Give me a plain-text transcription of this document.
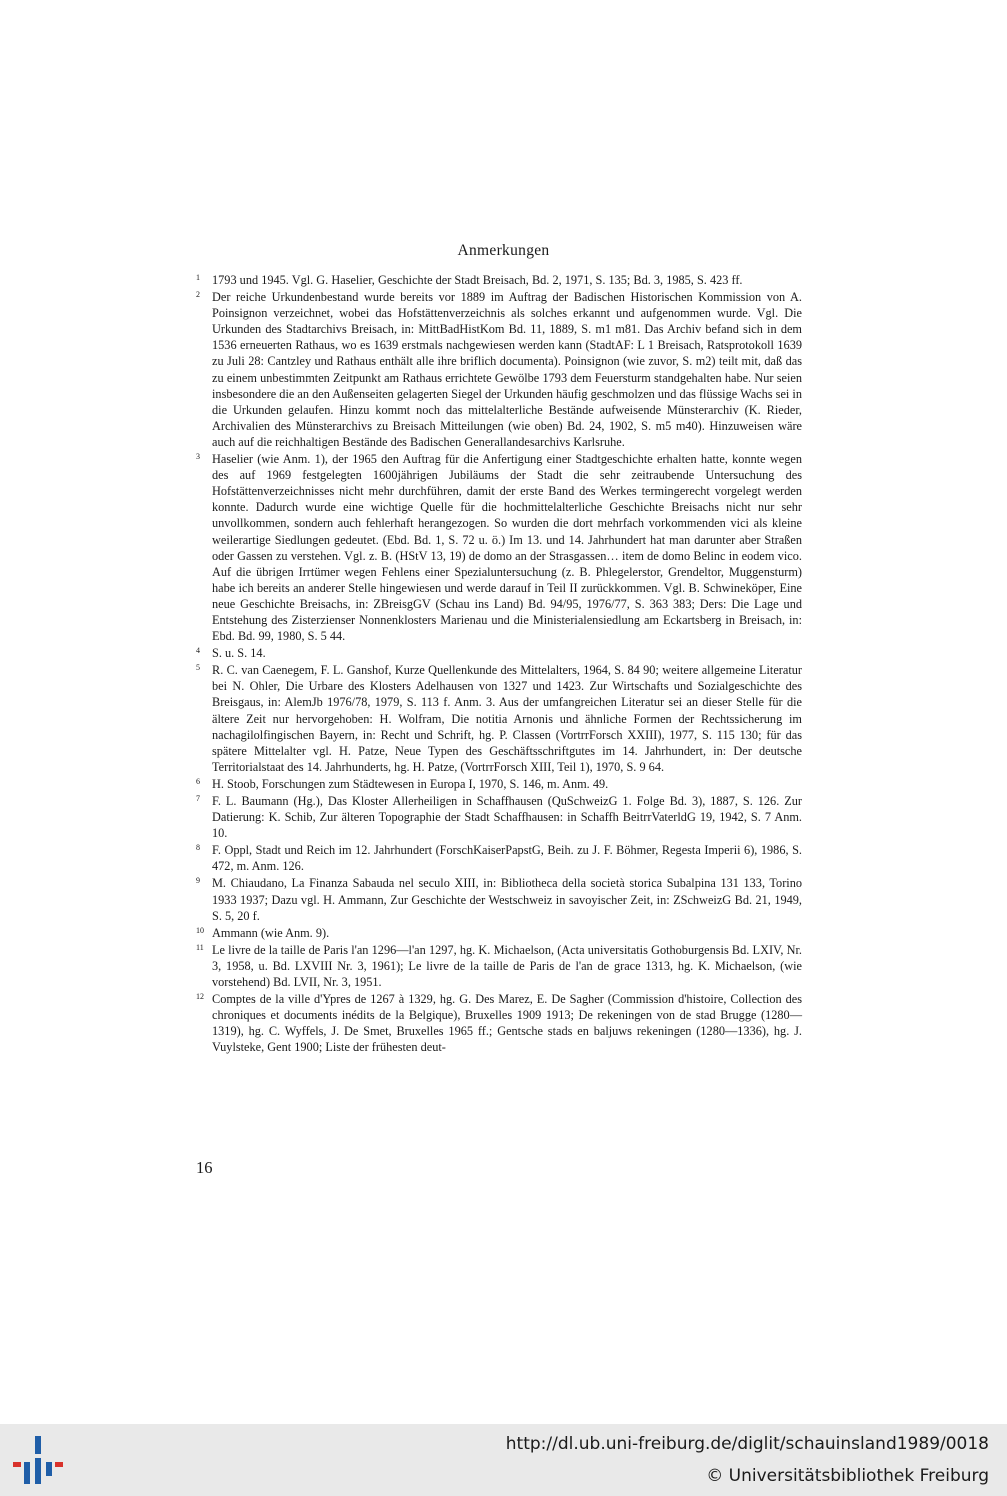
Anmerkungen
1 1793 und 1945. Vgl. G. Haselier, Geschichte der Stadt Breisach, Bd. 2, 1971, S. 135; Bd. 3, 1985, S. 423 ff.
2 Der reiche Urkundenbestand wurde bereits vor 1889 im Auftrag der Badischen Historischen Kommission von A. Poinsignon verzeichnet, wobei das Hofstättenverzeichnis als solches erkannt und aufgenommen wurde. Vgl. Die Urkunden des Stadtarchivs Breisach, in: MittBadHistKom Bd. 11, 1889, S. m1 m81. Das Archiv befand sich in dem 1536 erneuerten Rathaus, wo es 1639 erstmals nachgewiesen werden kann (StadtAF: L 1 Breisach, Ratsprotokoll 1639 zu Juli 28: Cantzley und Rathaus enthält alle ihre briflich documenta). Poinsignon (wie zuvor, S. m2) teilt mit, daß das zu einem unbestimmten Zeitpunkt am Rathaus errichtete Gewölbe 1793 dem Feuersturm standgehalten habe. Nur seien insbesondere die an den Außenseiten gelagerten Siegel der Urkunden häufig geschmolzen und das flüssige Wachs sei in die Urkunden gelaufen. Hinzu kommt noch das mittelalterliche Bestände aufweisende Münsterarchiv (K. Rieder, Archivalien des Münsterarchivs zu Breisach Mitteilungen (wie oben) Bd. 24, 1902, S. m5 m40). Hinzuweisen wäre auch auf die reichhaltigen Bestände des Badischen Generallandesarchivs Karlsruhe.
3 Haselier (wie Anm. 1), der 1965 den Auftrag für die Anfertigung einer Stadtgeschichte erhalten hatte, konnte wegen des auf 1969 festgelegten 1600jährigen Jubiläums der Stadt die sehr zeitraubende Untersuchung des Hofstättenverzeichnisses nicht mehr durchführen, damit der erste Band des Werkes termingerecht vorgelegt werden konnte. Dadurch wurde eine wichtige Quelle für die hochmittelalterliche Geschichte Breisachs nicht nur sehr unvollkommen, sondern auch fehlerhaft herangezogen. So wurden die dort mehrfach vorkommenden vici als kleine weilerartige Siedlungen gedeutet. (Ebd. Bd. 1, S. 72 u. ö.) Im 13. und 14. Jahrhundert hat man darunter aber Straßen oder Gassen zu verstehen. Vgl. z. B. (HStV 13, 19) de domo an der Strasgassen… item de domo Belinc in eodem vico. Auf die übrigen Irrtümer wegen Fehlens einer Spezialuntersuchung (z. B. Phlegelerstor, Grendeltor, Muggensturm) habe ich bereits an anderer Stelle hingewiesen und werde darauf in Teil II zurückkommen. Vgl. B. Schwineköper, Eine neue Geschichte Breisachs, in: ZBreisgGV (Schau ins Land) Bd. 94/95, 1976/77, S. 363 383; Ders: Die Lage und Entstehung des Zisterzienser Nonnenklosters Marienau und die Ministerialensiedlung am Eckartsberg in Breisach, in: Ebd. Bd. 99, 1980, S. 5 44.
4 S. u. S. 14.
5 R. C. van Caenegem, F. L. Ganshof, Kurze Quellenkunde des Mittelalters, 1964, S. 84 90; weitere allgemeine Literatur bei N. Ohler, Die Urbare des Klosters Adelhausen von 1327 und 1423. Zur Wirtschafts und Sozialgeschichte des Breisgaus, in: AlemJb 1976/78, 1979, S. 113 f. Anm. 3. Aus der umfangreichen Literatur sei an dieser Stelle für die ältere Zeit nur hervorgehoben: H. Wolfram, Die notitia Arnonis und ähnliche Formen der Rechtssicherung im nachagilolfingischen Bayern, in: Recht und Schrift, hg. P. Classen (VortrrForsch XXIII), 1977, S. 115 130; für das spätere Mittelalter vgl. H. Patze, Neue Typen des Geschäftsschriftgutes im 14. Jahrhundert, in: Der deutsche Territorialstaat des 14. Jahrhunderts, hg. H. Patze, (VortrrForsch XIII, Teil 1), 1970, S. 9 64.
6 H. Stoob, Forschungen zum Städtewesen in Europa I, 1970, S. 146, m. Anm. 49.
7 F. L. Baumann (Hg.), Das Kloster Allerheiligen in Schaffhausen (QuSchweizG 1. Folge Bd. 3), 1887, S. 126. Zur Datierung: K. Schib, Zur älteren Topographie der Stadt Schaffhausen: in Schaffh BeitrrVaterldG 19, 1942, S. 7 Anm. 10.
8 F. Oppl, Stadt und Reich im 12. Jahrhundert (ForschKaiserPapstG, Beih. zu J. F. Böhmer, Regesta Imperii 6), 1986, S. 472, m. Anm. 126.
9 M. Chiaudano, La Finanza Sabauda nel seculo XIII, in: Bibliotheca della società storica Subalpina 131 133, Torino 1933 1937; Dazu vgl. H. Ammann, Zur Geschichte der Westschweiz in savoyischer Zeit, in: ZSchweizG Bd. 21, 1949, S. 5, 20 f.
10 Ammann (wie Anm. 9).
11 Le livre de la taille de Paris l'an 1296—l'an 1297, hg. K. Michaelson, (Acta universitatis Gothoburgensis Bd. LXIV, Nr. 3, 1958, u. Bd. LXVIII Nr. 3, 1961); Le livre de la taille de Paris de l'an de grace 1313, hg. K. Michaelson, (wie vorstehend) Bd. LVII, Nr. 3, 1951.
12 Comptes de la ville d'Ypres de 1267 à 1329, hg. G. Des Marez, E. De Sagher (Commission d'histoire, Collection des chroniques et documents inédits de la Belgique), Bruxelles 1909 1913; De rekeningen von de stad Brugge (1280—1319), hg. C. Wyffels, J. De Smet, Bruxelles 1965 ff.; Gentsche stads en baljuws rekeningen (1280—1336), hg. J. Vuylsteke, Gent 1900; Liste der frühesten deut-
16
http://dl.ub.uni-freiburg.de/diglit/schauinsland1989/0018
© Universitätsbibliothek Freiburg
